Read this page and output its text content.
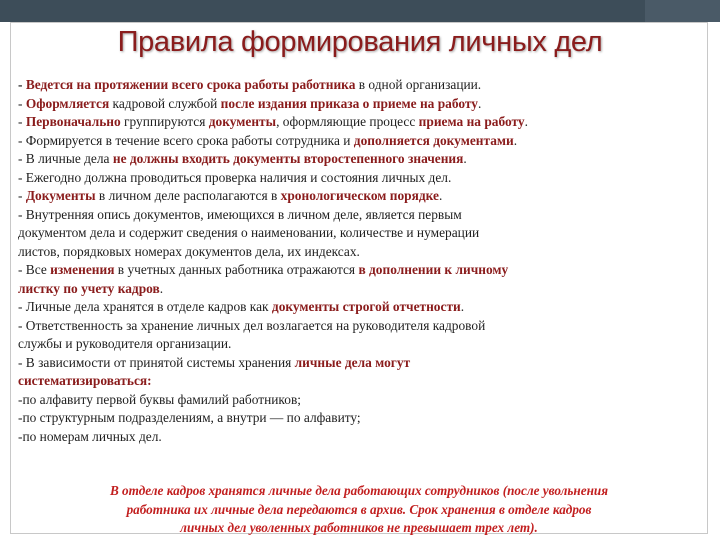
Правила формирования личных дел
- Ведется на протяжении всего срока работы работника в одной организации.
- Оформляется кадровой службой после издания приказа о приеме на работу.
- Первоначально группируются документы, оформляющие процесс приема на работу.
- Формируется в течение всего срока работы сотрудника и дополняется документами.
- В личные дела не должны входить документы второстепенного значения.
- Ежегодно должна проводиться проверка наличия и состояния личных дел.
- Документы в личном деле располагаются в хронологическом порядке.
- Внутренняя опись документов, имеющихся в личном деле, является первым
документом дела и содержит сведения о наименовании, количестве и нумерации
листов, порядковых номерах документов дела, их индексах.
- Все изменения в учетных данных работника отражаются в дополнении к личному
листку по учету кадров.
- Личные дела хранятся в отделе кадров как документы строгой отчетности.
- Ответственность за хранение личных дел возлагается на руководителя кадровой
службы и руководителя организации.
- В зависимости от принятой системы хранения личные дела могут
систематизироваться:
-по алфавиту первой буквы фамилий работников;
-по структурным подразделениям, а внутри — по алфавиту;
-по номерам личных дел.
В отделе кадров хранятся личные дела работающих сотрудников (после увольнения
работника их личные дела передаются в архив. Срок хранения в отделе кадров
личных дел уволенных работников не превышает трех лет).
